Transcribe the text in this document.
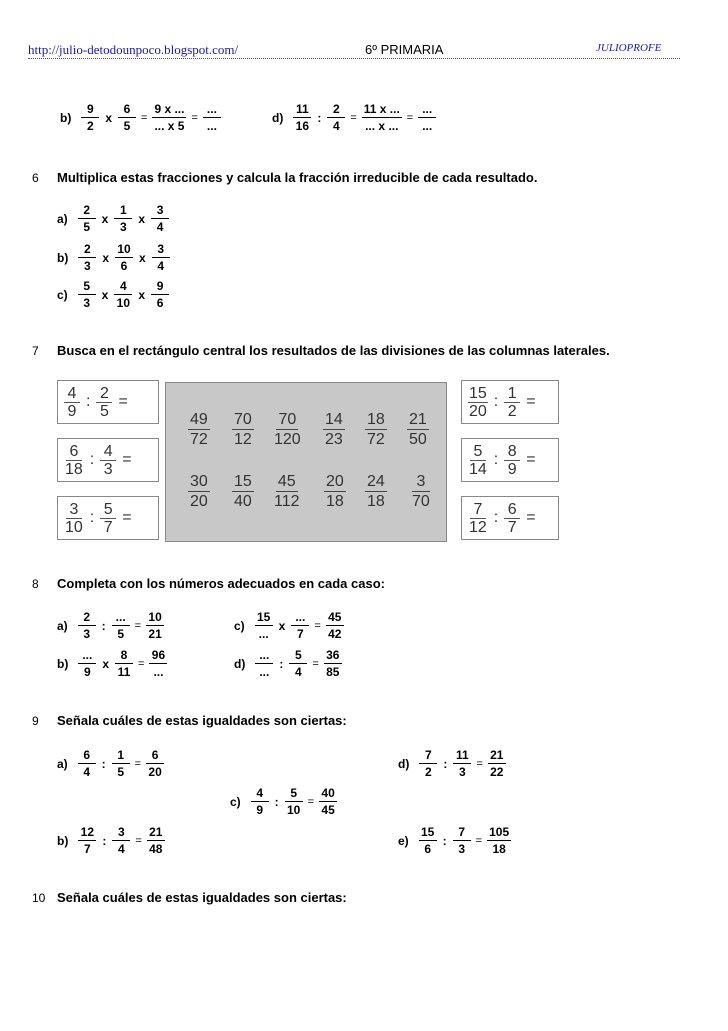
http://julio-detodounpoco.blogspot.com/	6º PRIMARIA	JULIOPROFE
b)
9
2
x $\frac{6}{5} = \frac{9 x ...}{... x 5}$ =
...
...
d)
11
16
: $\frac{2}{4} = \frac{11 x ...}{... x ...}$ =
...
...
6 Multiplica estas fracciones y calcula la fracción irreducible de cada resultado.
a)
2
5
x
1
3
x
3
4
b)
2
3
x
10
6
x
3
4
c)
5
3
x
4
10
x
9
6
7 Busca en el rectángulo central los resultados de las divisiones de las columnas laterales.
4
9
: $\frac{2}{5}$ =
6
18
: $\frac{4}{3}$ =
3
10
: $\frac{5}{7}$ =
$\frac{49}{72} \frac{70}{12} \frac{70}{120} \frac{14}{23} \frac{18}{72} \frac{21}{50}$
$\frac{30}{20} \frac{15}{40} \frac{45}{112} \frac{20}{18} \frac{24}{18} \frac{3}{70}$
15
20
: $\frac{1}{2}$ =
5
14
: $\frac{8}{9}$ =
7
12
: $\frac{6}{7}$ =
8 Completa con los números adecuados en cada caso:
a)
2
3
:
...
5
= $\frac{10}{21}$
b)
...
9
x $\frac{8}{11}$ =
96
...
c)
15
...
x
...
7
= $\frac{45}{42}$
d)
...
...
: $\frac{5}{4} = \frac{36}{85}$
9 Señala cuáles de estas igualdades son ciertas:
a)
6
4
: $\frac{1}{5} = \frac{6}{20}$
b)
12
7
: $\frac{3}{4} = \frac{21}{48}$
c)
4
9
: $\frac{5}{10} = \frac{40}{45}$
d)
7
2
: $\frac{11}{3} = \frac{21}{22}$
e)
15
6
: $\frac{7}{3} = \frac{105}{18}$
10 Señala cuáles de estas igualdades son ciertas:
